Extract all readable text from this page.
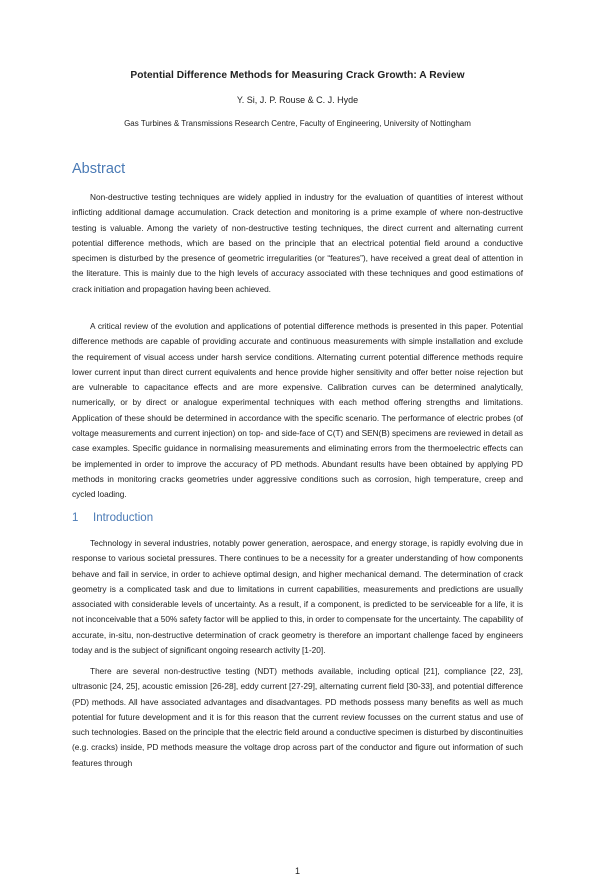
Potential Difference Methods for Measuring Crack Growth: A Review
Y. Si, J. P. Rouse & C. J. Hyde
Gas Turbines & Transmissions Research Centre, Faculty of Engineering, University of Nottingham
Abstract

Non-destructive testing techniques are widely applied in industry for the evaluation of quantities of interest without inflicting additional damage accumulation. Crack detection and monitoring is a prime example of where non-destructive testing is valuable. Among the variety of non-destructive testing techniques, the direct current and alternating current potential difference methods, which are based on the principle that an electrical potential field around a conductive specimen is disturbed by the presence of geometric irregularities (or “features”), have received a great deal of attention in the literature. This is mainly due to the high levels of accuracy associated with these techniques and good estimations of crack initiation and propagation having been achieved.

A critical review of the evolution and applications of potential difference methods is presented in this paper. Potential difference methods are capable of providing accurate and continuous measurements with simple installation and exclude the requirement of visual access under harsh service conditions. Alternating current potential difference methods require lower current input than direct current equivalents and hence provide higher sensitivity and offer better noise rejection but are vulnerable to capacitance effects and are more expensive. Calibration curves can be determined analytically, numerically, or by direct or analogue experimental techniques with each method offering strengths and limitations. Application of these should be determined in accordance with the specific scenario. The performance of electric probes (of voltage measurements and current injection) on top- and side-face of C(T) and SEN(B) specimens are reviewed in detail as case examples. Specific guidance in normalising measurements and eliminating errors from the thermoelectric effects can be implemented in order to improve the accuracy of PD methods. Abundant results have been obtained by applying PD methods in monitoring cracks geometries under aggressive conditions such as corrosion, high temperature, creep and cycled loading.

1 Introduction

Technology in several industries, notably power generation, aerospace, and energy storage, is rapidly evolving due in response to various societal pressures. There continues to be a necessity for a greater understanding of how components behave and fail in service, in order to achieve optimal design, and higher mechanical demand. The determination of crack geometry is a complicated task and due to limitations in current capabilities, measurements and predictions are usually associated with considerable levels of uncertainty. As a result, if a component, is predicted to be serviceable for a life, it is not inconceivable that a 50% safety factor will be applied to this, in order to compensate for the uncertainty. The capability of accurate, in-situ, non-destructive determination of crack geometry is therefore an important challenge faced by engineers today and is the subject of significant ongoing research activity [1-20].

There are several non-destructive testing (NDT) methods available, including optical [21], compliance [22, 23], ultrasonic [24, 25], acoustic emission [26-28], eddy current [27-29], alternating current field [30-33], and potential difference (PD) methods. All have associated advantages and disadvantages. PD methods possess many benefits as well as much potential for future development and it is for this reason that the current review focusses on the current status and use of such technologies. Based on the principle that the electric field around a conductive specimen is disturbed by discontinuities (e.g. cracks) inside, PD methods measure the voltage drop across part of the conductor and figure out information of such features through

1
